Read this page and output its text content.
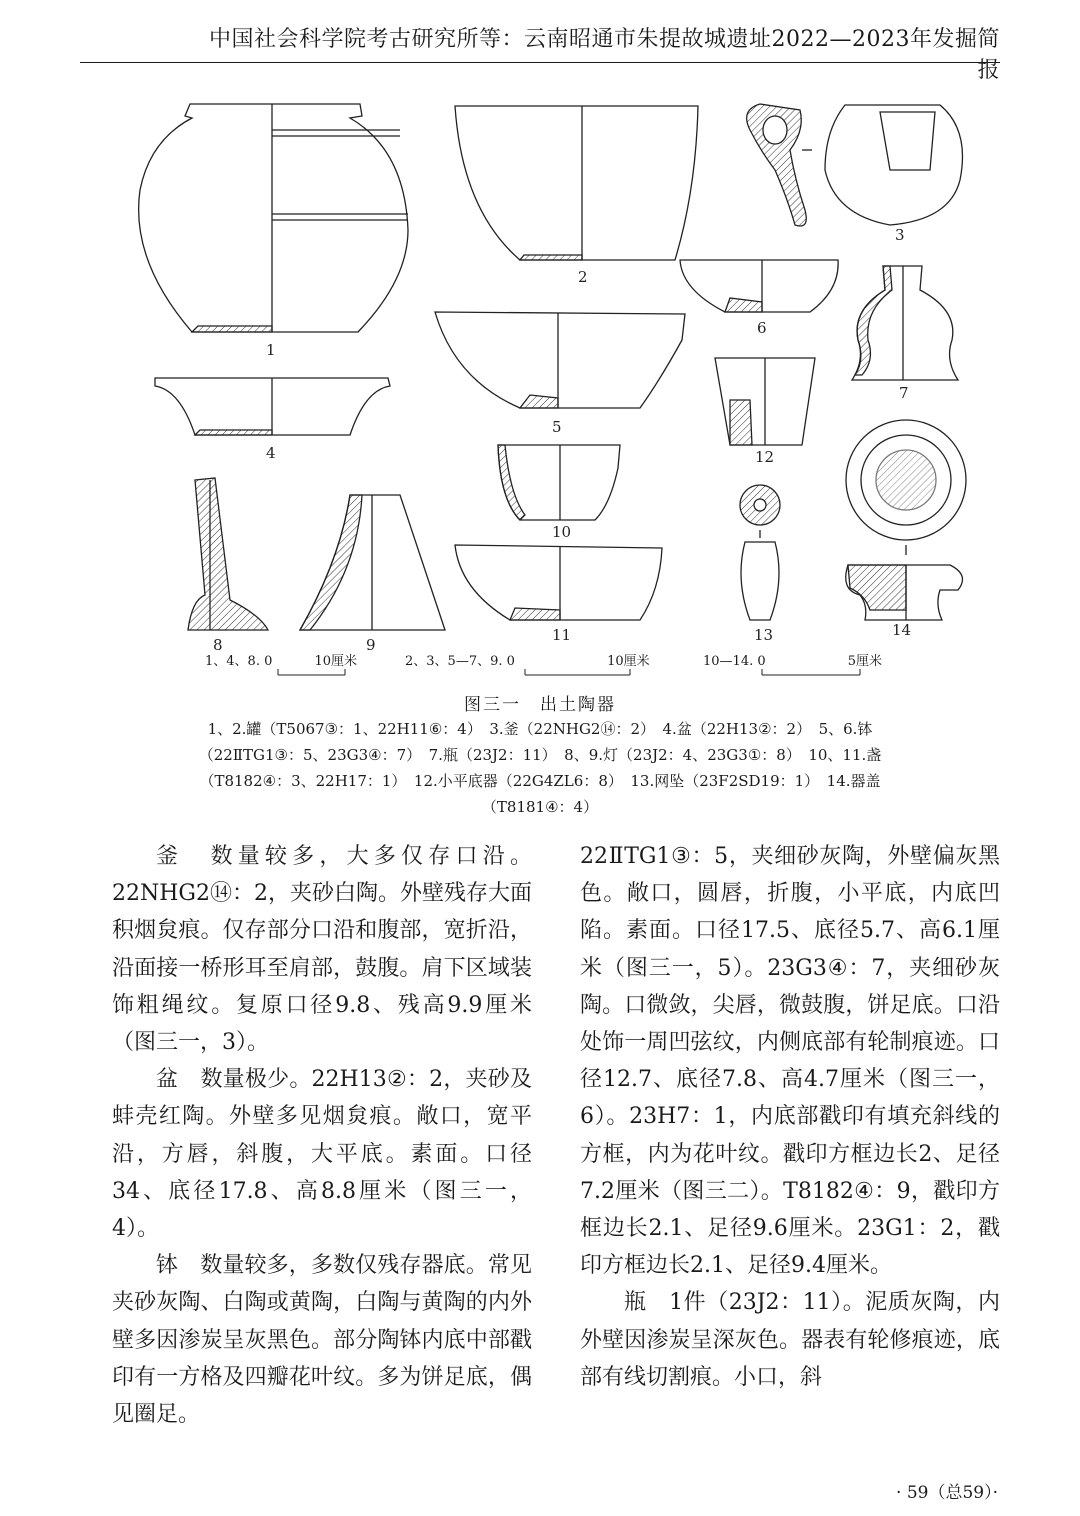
中国社会科学院考古研究所等：云南昭通市朱提故城遗址2022—2023年发掘简报
1
2
3
4
5
6
7
12
8	9
10
11	13	14
1、4、8. 0	10厘米	2、3、5—7、9. 0	10厘米	10—14. 0	5厘米
图三一　出土陶器
1、2.罐（T5067③：1、22H11⑥：4）　3.釜（22NHG2⑭：2）　4.盆（22H13②：2）　5、6.钵
（22ⅡTG1③：5、23G3④：7）　7.瓶（23J2：11）　8、9.灯（23J2：4、23G3①：8）　10、11.盏
（T8182④：3、22H17：1）　12.小平底器（22G4ZL6：8）　13.网坠（23F2SD19：1）　14.器盖
（T8181④：4）

釜　数量较多，大多仅存口沿。22NHG2⑭：2，夹砂白陶。外壁残存大面积烟炱痕。仅存部分口沿和腹部，宽折沿，沿面接一桥形耳至肩部，鼓腹。肩下区域装饰粗绳纹。复原口径9.8、残高9.9厘米（图三一，3）。

盆　数量极少。22H13②：2，夹砂及蚌壳红陶。外壁多见烟炱痕。敞口，宽平沿，方唇，斜腹，大平底。素面。口径34、底径17.8、高8.8厘米（图三一，4）。

钵　数量较多，多数仅残存器底。常见夹砂灰陶、白陶或黄陶，白陶与黄陶的内外壁多因渗炭呈灰黑色。部分陶钵内底中部戳印有一方格及四瓣花叶纹。多为饼足底，偶见圈足。

22ⅡTG1③：5，夹细砂灰陶，外壁偏灰黑色。敞口，圆唇，折腹，小平底，内底凹陷。素面。口径17.5、底径5.7、高6.1厘米（图三一，5）。23G3④：7，夹细砂灰陶。口微敛，尖唇，微鼓腹，饼足底。口沿处饰一周凹弦纹，内侧底部有轮制痕迹。口径12.7、底径7.8、高4.7厘米（图三一，6）。23H7：1，内底部戳印有填充斜线的方框，内为花叶纹。戳印方框边长2、足径7.2厘米（图三二）。T8182④：9，戳印方框边长2.1、足径9.6厘米。23G1：2，戳印方框边长2.1、足径9.4厘米。

瓶　1件（23J2：11）。泥质灰陶，内外壁因渗炭呈深灰色。器表有轮修痕迹，底部有线切割痕。小口，斜

· 59（总59）·
